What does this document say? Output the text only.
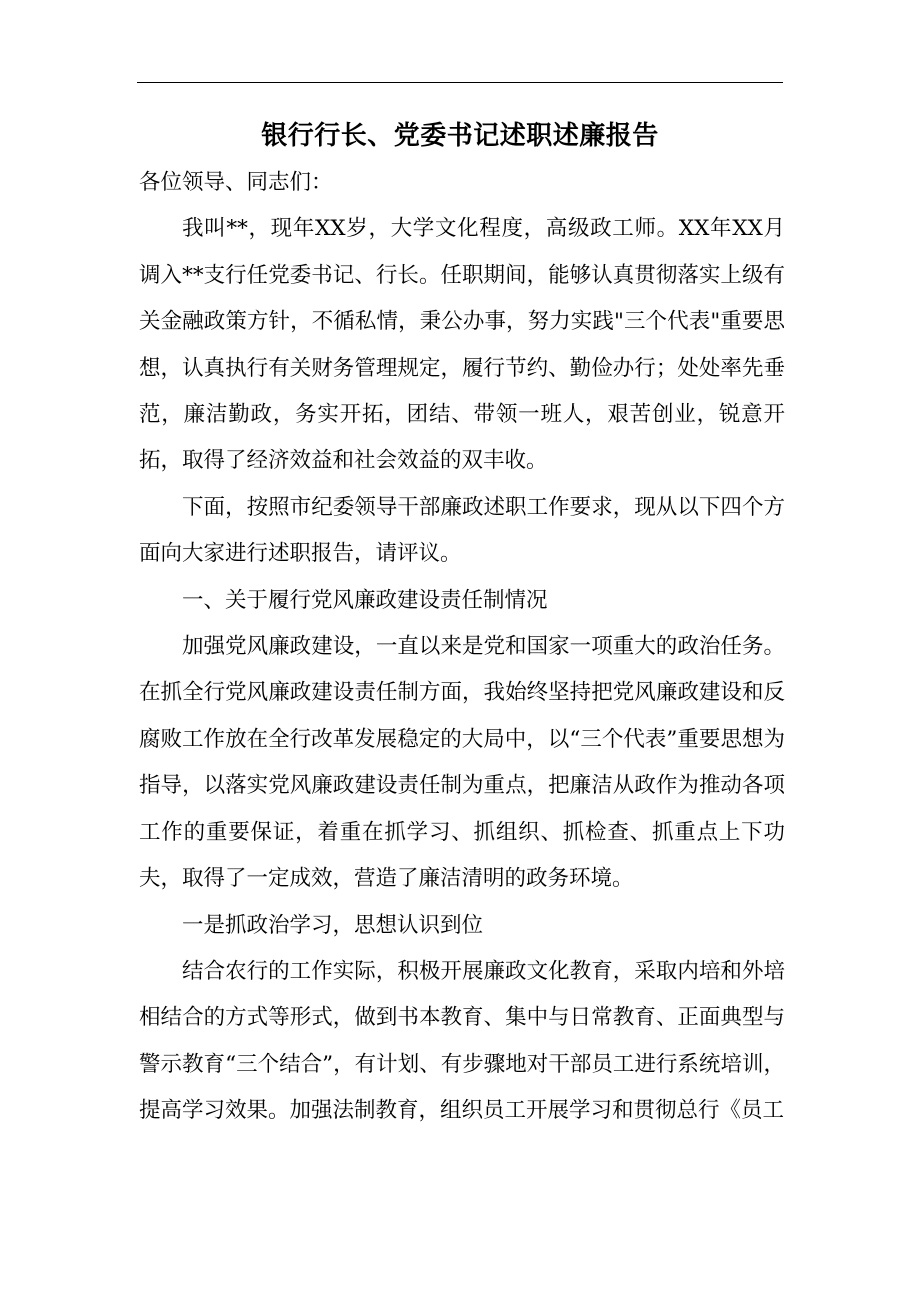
银行行长、党委书记述职述廉报告

各位领导、同志们：

我叫**，现年XX岁，大学文化程度，高级政工师。XX年XX月调入**支行任党委书记、行长。任职期间，能够认真贯彻落实上级有关金融政策方针，不循私情，秉公办事，努力实践"三个代表"重要思想，认真执行有关财务管理规定，履行节约、勤俭办行；处处率先垂范，廉洁勤政，务实开拓，团结、带领一班人，艰苦创业，锐意开拓，取得了经济效益和社会效益的双丰收。

下面，按照市纪委领导干部廉政述职工作要求，现从以下四个方面向大家进行述职报告，请评议。

一、关于履行党风廉政建设责任制情况

加强党风廉政建设，一直以来是党和国家一项重大的政治任务。在抓全行党风廉政建设责任制方面，我始终坚持把党风廉政建设和反腐败工作放在全行改革发展稳定的大局中，以“三个代表”重要思想为指导，以落实党风廉政建设责任制为重点，把廉洁从政作为推动各项工作的重要保证，着重在抓学习、抓组织、抓检查、抓重点上下功夫，取得了一定成效，营造了廉洁清明的政务环境。

一是抓政治学习，思想认识到位

结合农行的工作实际，积极开展廉政文化教育，采取内培和外培相结合的方式等形式，做到书本教育、集中与日常教育、正面典型与警示教育“三个结合”，有计划、有步骤地对干部员工进行系统培训，提高学习效果。加强法制教育，组织员工开展学习和贯彻总行《员工
